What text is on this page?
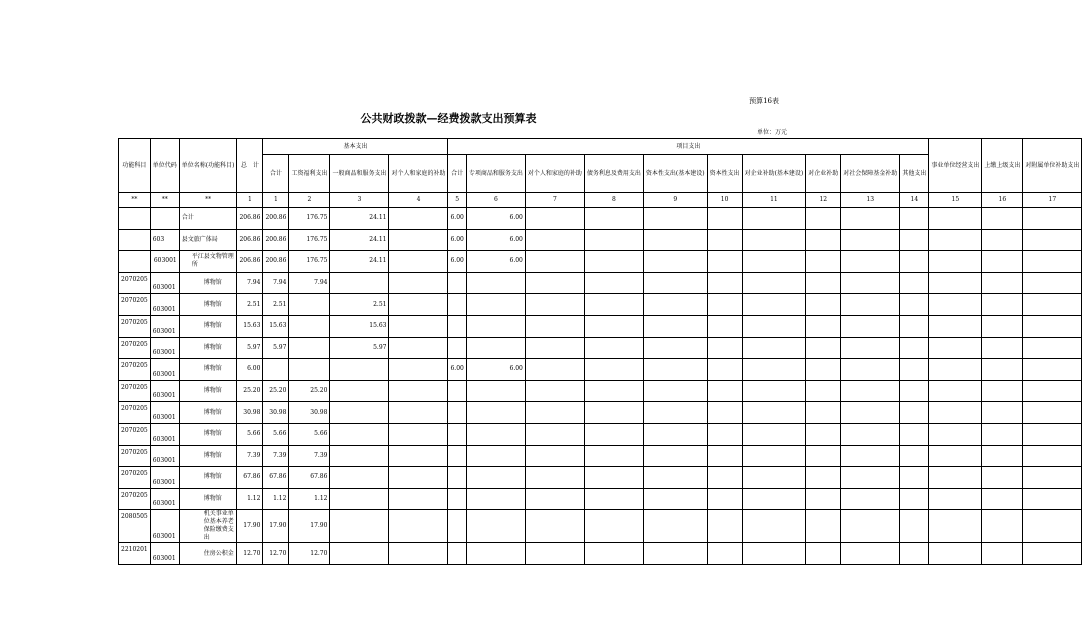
预算16表
公共财政拨款—经费拨款支出预算表
单位：万元
功能科目	单位代码	单位名称(功能科目)	总　计	基本支出				项目支出										事业单位经营支出	上缴上级支出	对附属单位补助支出
				合计	工资福利支出	一般商品和服务支出	对个人和家庭的补助	合计	专项商品和服务支出	对个人和家庭的补助	债务利息及费用支出	资本性支出(基本建设)	资本性支出	对企业补助(基本建设)	对企业补助	对社会保障基金补助	其他支出			
**	**	**	1	1	2	3	4	5	6	7	8	9	10	11	12	13	14	15	16	17
		合计	206.86	200.86	176.75	24.11		6.00	6.00											
	603	县文旅广体局	206.86	200.86	176.75	24.11		6.00	6.00											
	603001	平江县文物管理所	206.86	200.86	176.75	24.11		6.00	6.00											
2070205	603001	博物馆	7.94	7.94	7.94															
2070205	603001	博物馆	2.51	2.51		2.51														
2070205	603001	博物馆	15.63	15.63		15.63														
2070205	603001	博物馆	5.97	5.97		5.97														
2070205	603001	博物馆	6.00					6.00	6.00											
2070205	603001	博物馆	25.20	25.20	25.20															
2070205	603001	博物馆	30.98	30.98	30.98															
2070205	603001	博物馆	5.66	5.66	5.66															
2070205	603001	博物馆	7.39	7.39	7.39															
2070205	603001	博物馆	67.86	67.86	67.86															
2070205	603001	博物馆	1.12	1.12	1.12															
2080505	603001	机关事业单位基本养老保险缴费支出	17.90	17.90	17.90															
2210201	603001	住房公积金	12.70	12.70	12.70															
